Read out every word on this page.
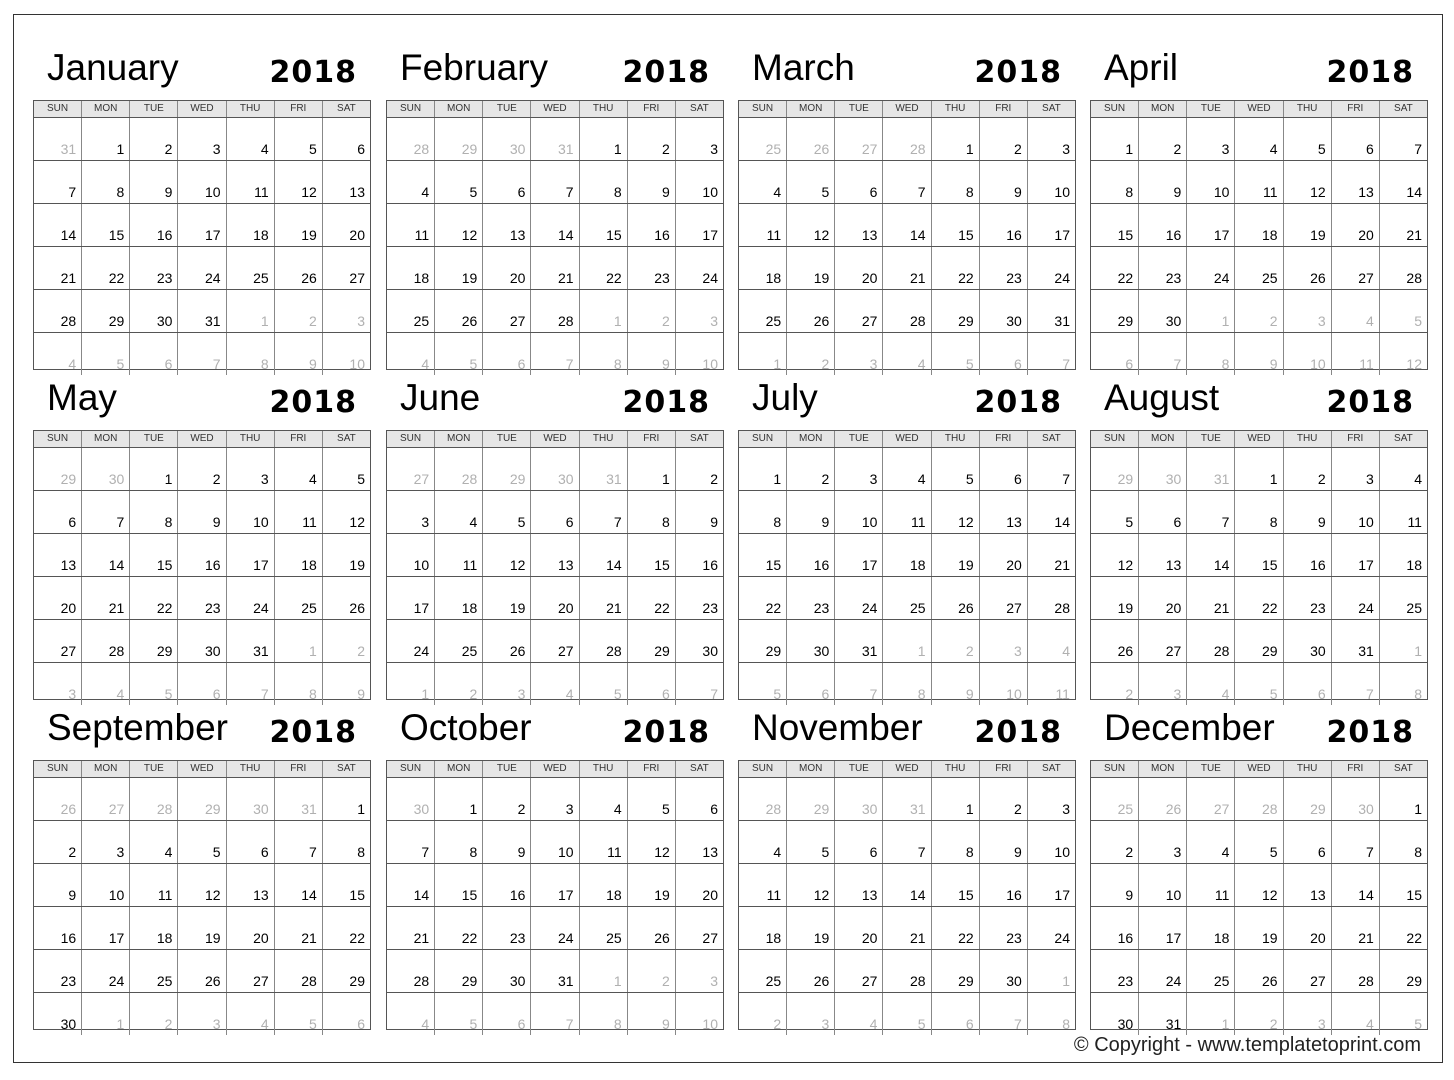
January	2018
SUN	MON	TUE	WED	THU	FRI	SAT
31	1	2	3	4	5	6
7	8	9 10 11 12 13
14 15 16 17 18 19 20
21 22 23 24 25 26 27
28 29 30 31	1	2	3
4	5	6	7	8	9 10
February 2018
SUN	MON	TUE	WED	THU	FRI	SAT
28 29 30 31	1	2	3
4	5	6	7	8	9 10
11 12 13 14 15 16 17
18 19 20 21 22 23 24
25 26 27 28	1	2	3
4	5	6	7	8	9 10
March	2018
SUN	MON	TUE	WED	THU	FRI	SAT
25 26 27 28	1	2	3
4	5	6	7	8	9 10
11 12 13 14 15 16 17
18 19 20 21 22 23 24
25 26 27 28 29 30 31
1	2	3	4	5	6	7
April	2018
SUN	MON	TUE	WED	THU	FRI	SAT
1	2	3	4	5	6	7
8	9 10 11 12 13 14
15 16 17 18 19 20 21
22 23 24 25 26 27 28
29 30	1	2	3	4	5
6	7	8	9 10 11 12
May	2018
SUN	MON	TUE	WED	THU	FRI	SAT
29 30	1	2	3	4	5
6	7	8	9 10 11 12
13 14 15 16 17 18 19
20 21 22 23 24 25 26
27 28 29 30 31	1	2
3	4	5	6	7	8	9
June	2018
SUN	MON	TUE	WED	THU	FRI	SAT
27 28 29 30 31	1	2
3	4	5	6	7	8	9
10 11 12 13 14 15 16
17 18 19 20 21 22 23
24 25 26 27 28 29 30
1	2	3	4	5	6	7
July	2018
SUN	MON	TUE	WED	THU	FRI	SAT
1	2	3	4	5	6	7
8	9 10 11 12 13 14
15 16 17 18 19 20 21
22 23 24 25 26 27 28
29 30 31	1	2	3	4
5	6	7	8	9 10 11
August	2018
SUN	MON	TUE	WED	THU	FRI	SAT
29 30 31	1	2	3	4
5	6	7	8	9 10 11
12 13 14 15 16 17 18
19 20 21 22 23 24 25
26 27 28 29 30 31	1
2	3	4	5	6	7	8
September 2018
SUN	MON	TUE	WED	THU	FRI	SAT
26 27 28 29 30 31	1
2	3	4	5	6	7	8
9 10 11 12 13 14 15
16 17 18 19 20 21 22
23 24 25 26 27 28 29
30	1	2	3	4	5	6
October	2018
SUN	MON	TUE	WED	THU	FRI	SAT
30	1	2	3	4	5	6
7	8	9 10 11 12 13
14 15 16 17 18 19 20
21 22 23 24 25 26 27
28 29 30 31	1	2	3
4	5	6	7	8	9 10
November 2018
SUN	MON	TUE	WED	THU	FRI	SAT
28 29 30 31	1	2	3
4	5	6	7	8	9 10
11 12 13 14 15 16 17
18 19 20 21 22 23 24
25 26 27 28 29 30	1
2	3	4	5	6	7	8
December 2018
SUN	MON	TUE	WED	THU	FRI	SAT
25 26 27 28 29 30	1
2	3	4	5	6	7	8
9 10 11 12 13 14 15
16 17 18 19 20 21 22
23 24 25 26 27 28 29
30 31	1	2	3	4	5
© Copyright - www.templatetoprint.com
